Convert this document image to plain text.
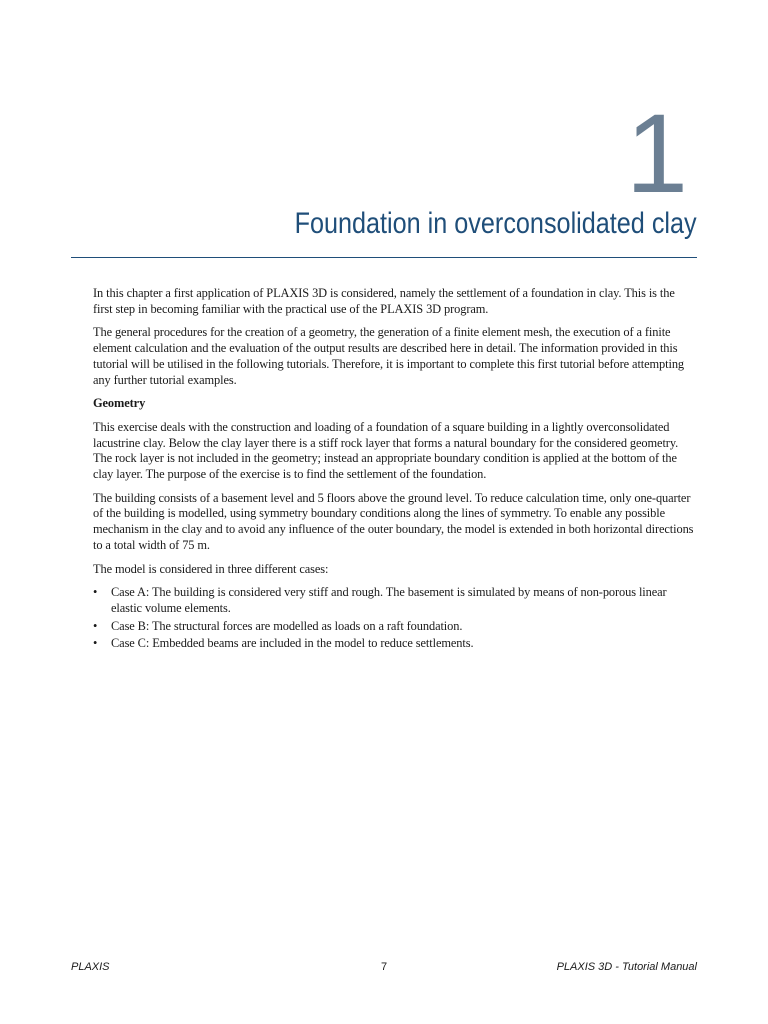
1
Foundation in overconsolidated clay

In this chapter a first application of PLAXIS 3D is considered, namely the settlement of a foundation in clay. This is the first step in becoming familiar with the practical use of the PLAXIS 3D program.

The general procedures for the creation of a geometry, the generation of a finite element mesh, the execution of a finite element calculation and the evaluation of the output results are described here in detail. The information provided in this tutorial will be utilised in the following tutorials. Therefore, it is important to complete this first tutorial before attempting any further tutorial examples.

Geometry

This exercise deals with the construction and loading of a foundation of a square building in a lightly overconsolidated lacustrine clay. Below the clay layer there is a stiff rock layer that forms a natural boundary for the considered geometry. The rock layer is not included in the geometry; instead an appropriate boundary condition is applied at the bottom of the clay layer. The purpose of the exercise is to find the settlement of the foundation.

The building consists of a basement level and 5 floors above the ground level. To reduce calculation time, only one-quarter of the building is modelled, using symmetry boundary conditions along the lines of symmetry. To enable any possible mechanism in the clay and to avoid any influence of the outer boundary, the model is extended in both horizontal directions to a total width of 75 m.

The model is considered in three different cases:

• Case A: The building is considered very stiff and rough. The basement is simulated by means of non-porous linear elastic volume elements.
• Case B: The structural forces are modelled as loads on a raft foundation.
• Case C: Embedded beams are included in the model to reduce settlements.
PLAXIS	7	PLAXIS 3D - Tutorial Manual
